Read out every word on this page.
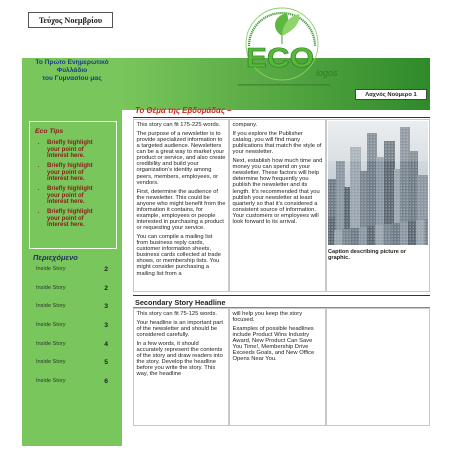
Τεύχος Νοεμβρίου
Το Πρώτο Ενημερωτικό
Φυλλάδιο
του Γυμνασίου μας
ECO logos
Λαχνός Νούμερο 1
Eco Tips
• Briefly highlight your point of interest here.
• Briefly highlight your point of interest here.
• Briefly highlight your point of interest here.
• Briefly highlight your point of interest here.
Περιεχόμενο
Inside Story	2
Inside Story	2
Inside Story	3
Inside Story	3
Inside Story	4
Inside Story	5
Inside Story	6
Το Θέμα της Εβδομάδας –

This story can fit 175-225 words.

The purpose of a newsletter is to provide specialized information to a targeted audience. Newsletters can be a great way to market your product or service, and also create credibility and build your organization’s identity among peers, members, employees, or vendors.

First, determine the audience of the newsletter. This could be anyone who might benefit from the information it contains, for example, employees or people interested in purchasing a product or requesting your service.

You can compile a mailing list from business reply cards, customer information sheets, business cards collected at trade shows, or membership lists. You might consider purchasing a mailing list from a

company.

If you explore the Publisher catalog, you will find many publications that match the style of your newsletter.

Next, establish how much time and money you can spend on your newsletter. These factors will help determine how frequently you publish the newsletter and its length. It’s recommended that you publish your newsletter at least quarterly so that it’s considered a consistent source of information. Your customers or employees will look forward to its arrival.

Caption describing picture or graphic.
Secondary Story Headline

This story can fit 75-125 words.

Your headline is an important part of the newsletter and should be considered carefully.

In a few words, it should accurately represent the contents of the story and draw readers into the story. Develop the headline before you write the story. This way, the headline

will help you keep the story focused.

Examples of possible headlines include Product Wins Industry Award, New Product Can Save You Time!, Membership Drive Exceeds Goals, and New Office Opens Near You.
